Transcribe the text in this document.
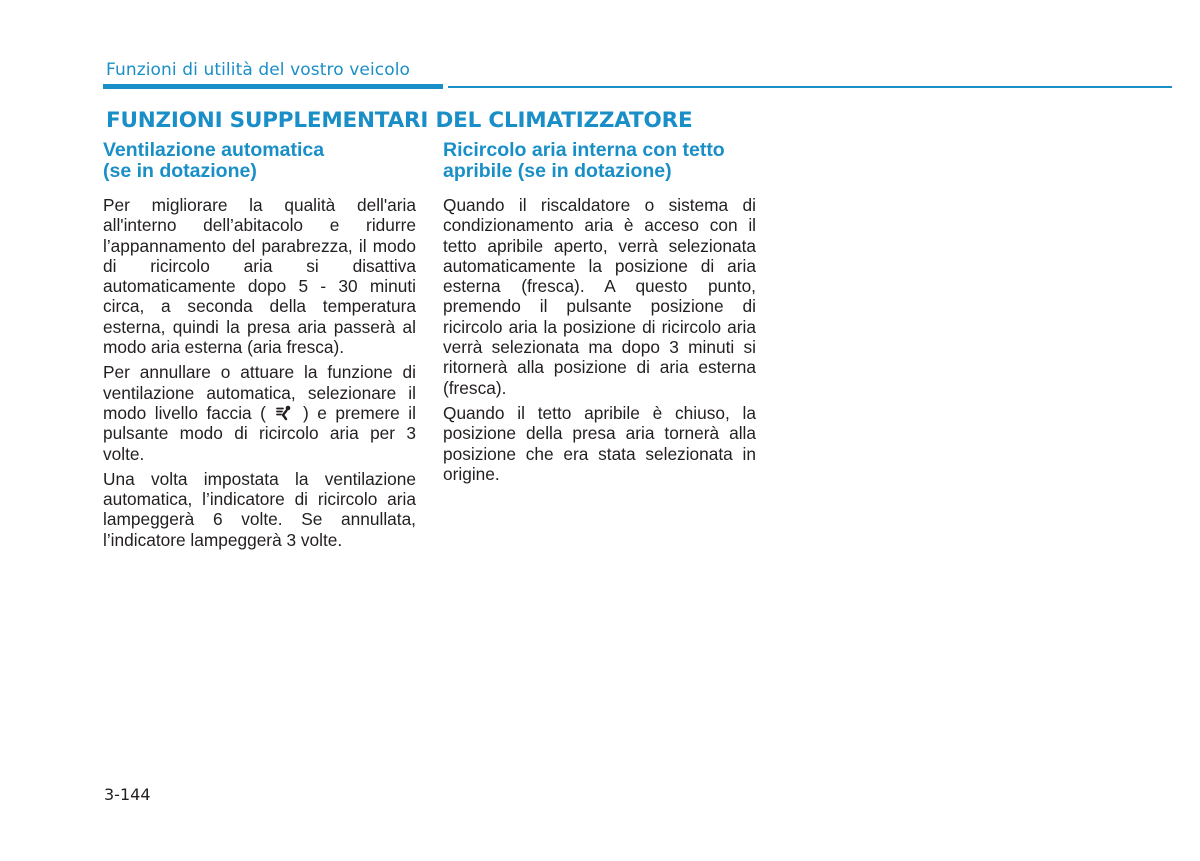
Funzioni di utilità del vostro veicolo
FUNZIONI SUPPLEMENTARI DEL CLIMATIZZATORE
Ventilazione automatica
(se in dotazione)

Per migliorare la qualità dell'aria all'interno dell’abitacolo e ridurre l’appannamento del parabrezza, il modo di ricircolo aria si disattiva automaticamente dopo 5 - 30 minuti circa, a seconda della temperatura esterna, quindi la presa aria passerà al modo aria esterna (aria fresca).

Per annullare o attuare la funzione di ventilazione automatica, selezionare il modo livello faccia ( ) e premere il pulsante modo di ricircolo aria per 3 volte.

Una volta impostata la ventilazione automatica, l’indicatore di ricircolo aria lampeggerà 6 volte. Se annullata, l’indicatore lampeggerà 3 volte.

Ricircolo aria interna con tetto
apribile (se in dotazione)

Quando il riscaldatore o sistema di condizionamento aria è acceso con il tetto apribile aperto, verrà selezionata automaticamente la posizione di aria esterna (fresca). A questo punto, premendo il pulsante posizione di ricircolo aria la posizione di ricircolo aria verrà selezionata ma dopo 3 minuti si ritornerà alla posizione di aria esterna (fresca).

Quando il tetto apribile è chiuso, la posizione della presa aria tornerà alla posizione che era stata selezionata in origine.

3-144
